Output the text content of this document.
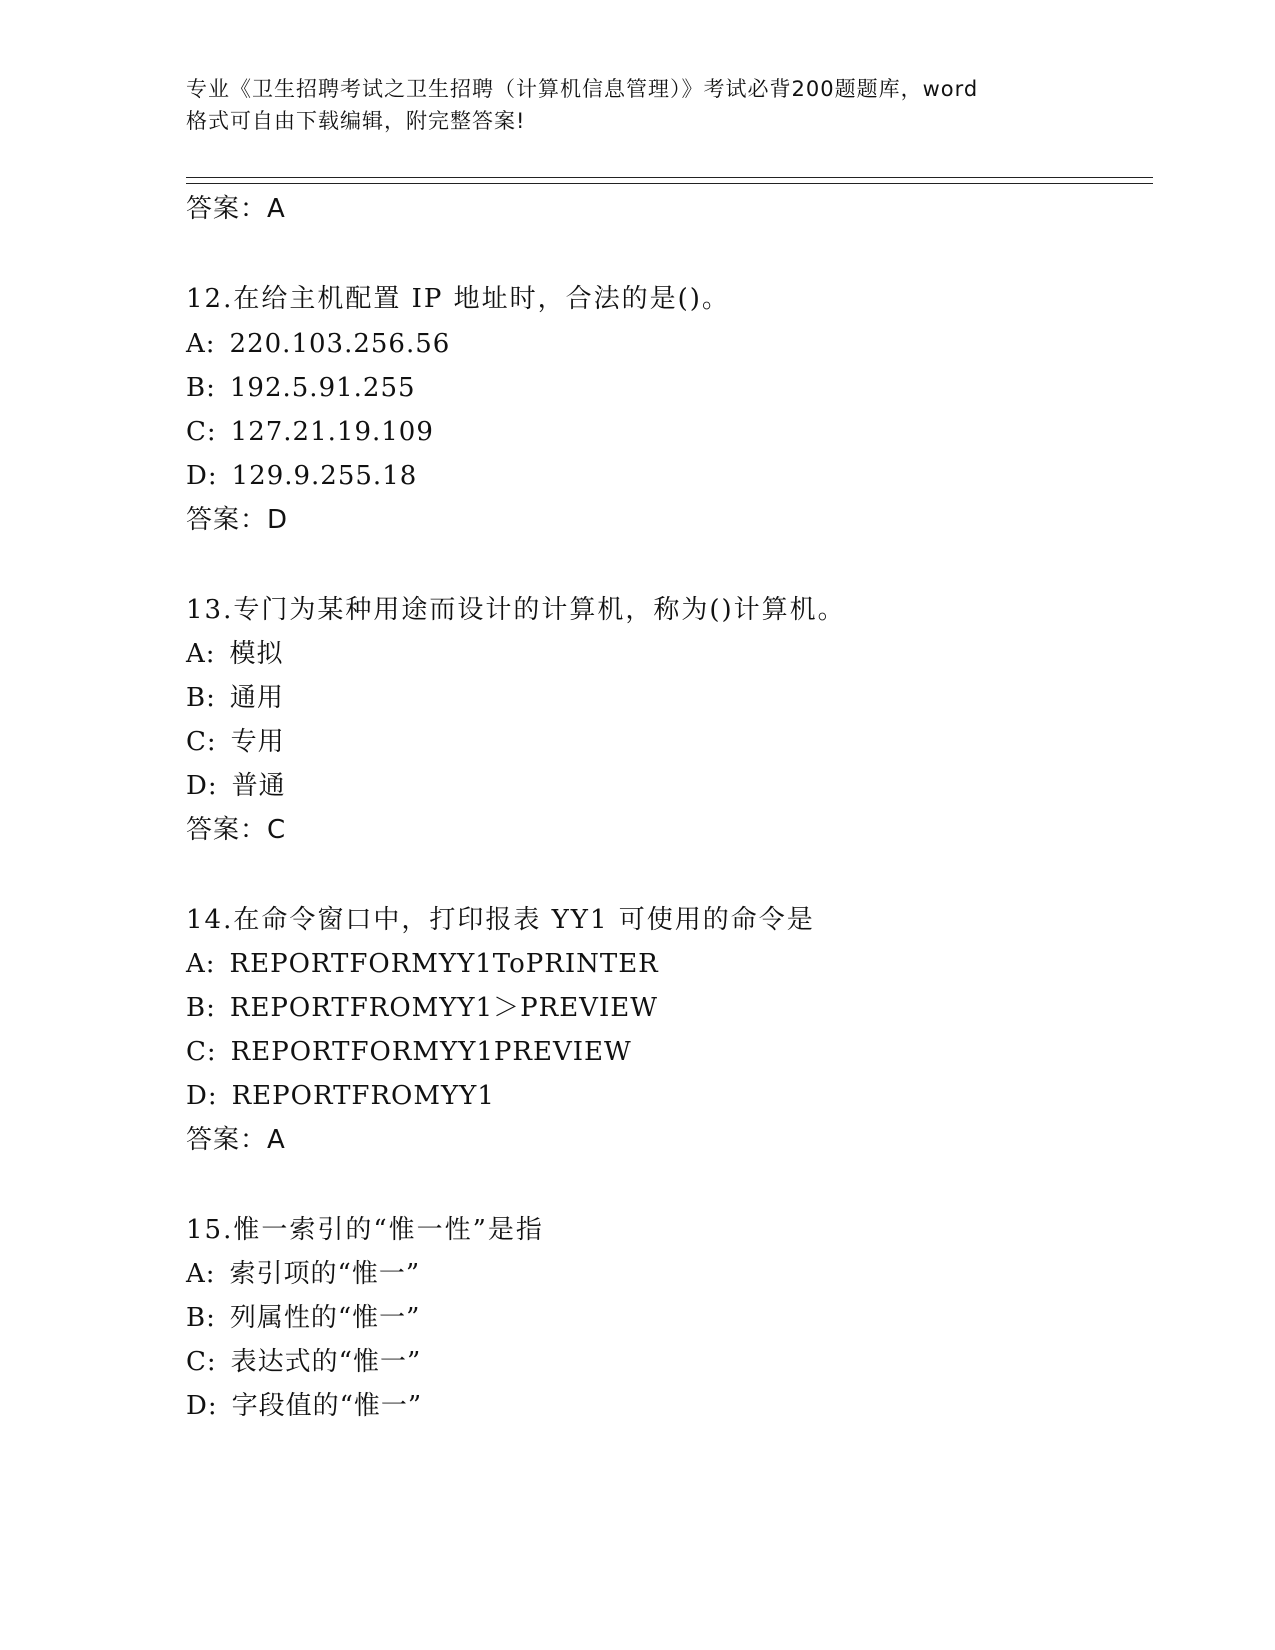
专业《卫生招聘考试之卫生招聘（计算机信息管理）》考试必背200题题库，word
格式可自由下载编辑，附完整答案!
答案：A
12.在给主机配置 IP 地址时，合法的是()。
A: 220.103.256.56
B: 192.5.91.255
C: 127.21.19.109
D: 129.9.255.18
答案：D
13.专门为某种用途而设计的计算机，称为()计算机。
A: 模拟
B: 通用
C: 专用
D: 普通
答案：C
14.在命令窗口中，打印报表 YY1 可使用的命令是
A: REPORTFORMYY1ToPRINTER
B: REPORTFROMYY1＞PREVIEW
C: REPORTFORMYY1PREVIEW
D: REPORTFROMYY1
答案：A
15.惟一索引的“惟一性”是指
A: 索引项的“惟一”
B: 列属性的“惟一”
C: 表达式的“惟一”
D: 字段值的“惟一”
